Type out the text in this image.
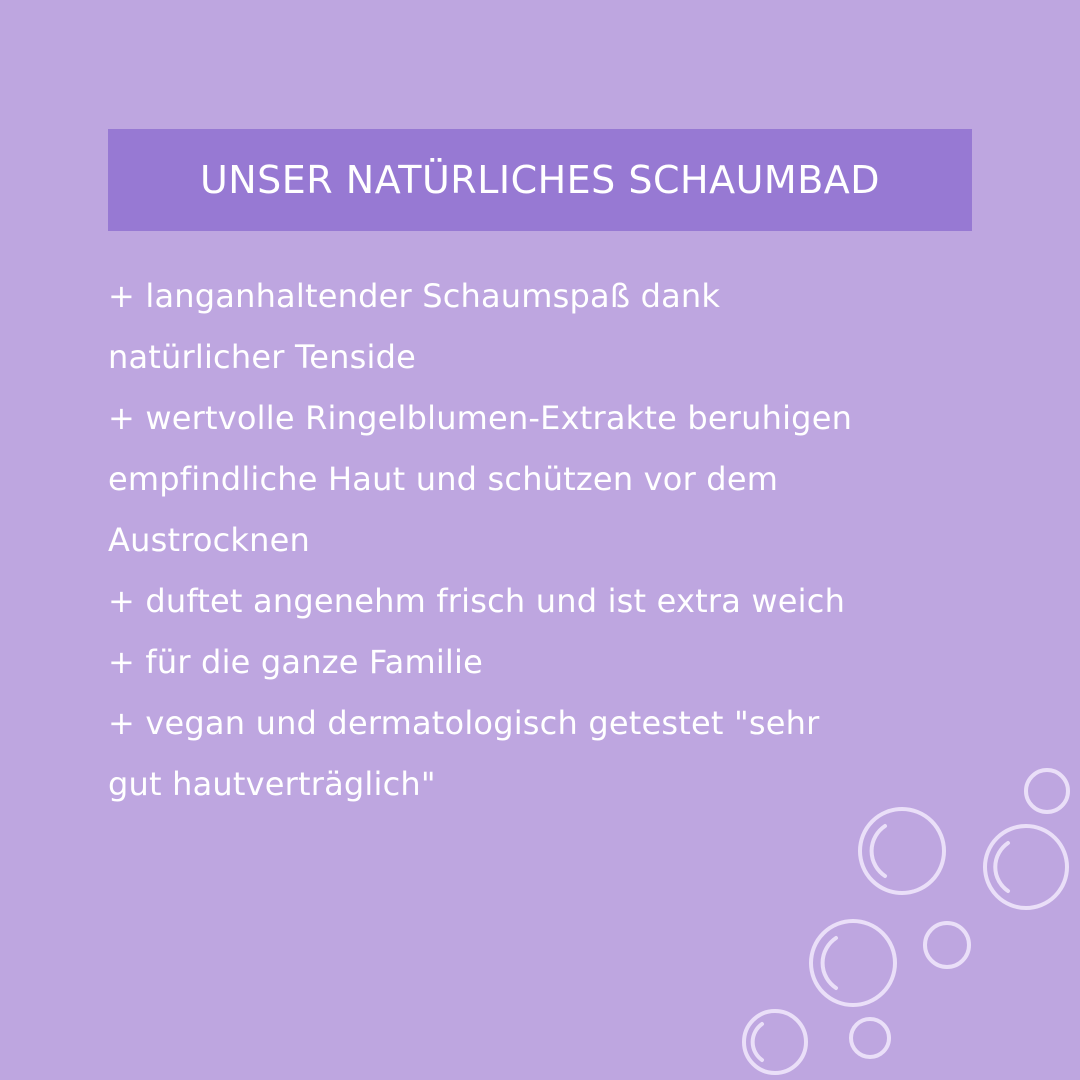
UNSER NATÜRLICHES SCHAUMBAD
+ langanhaltender Schaumspaß dank
natürlicher Tenside
+ wertvolle Ringelblumen-Extrakte beruhigen
empfindliche Haut und schützen vor dem
Austrocknen
+ duftet angenehm frisch und ist extra weich
+ für die ganze Familie
+ vegan und dermatologisch getestet "sehr
gut hautverträglich"
